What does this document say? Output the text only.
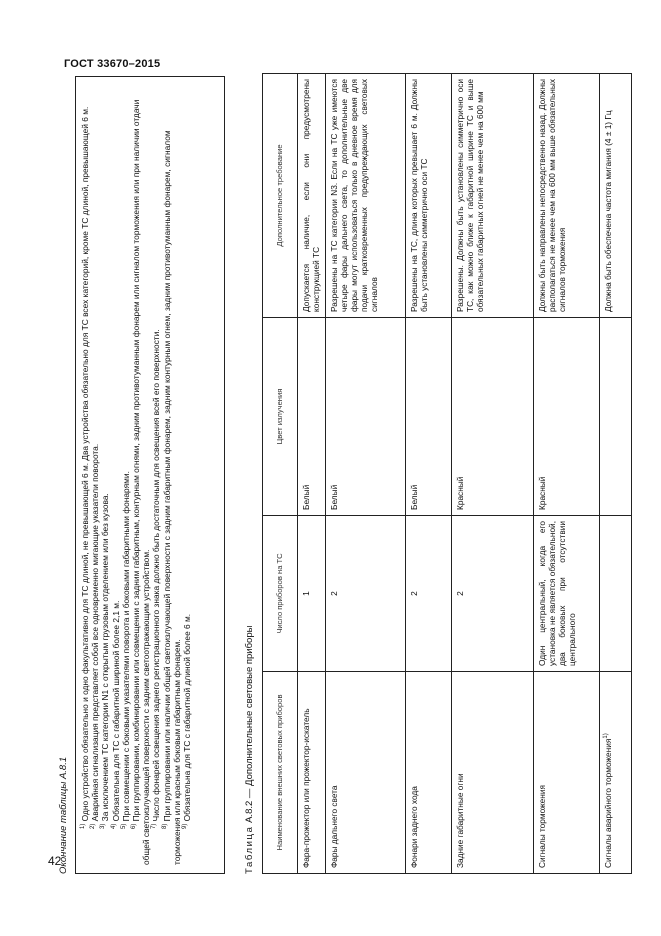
ГОСТ 33670–2015
Окончание таблицы А.8.1 $^{1)}$ Одно устройство обязательно и одно факультативно для ТС длиной, не превышающей 6 м. Два устройства обязательно для ТС всех категорий, кроме ТС длиной, превышающей 6 м.

$^{2)}$ Аварийная сигнализация представляет собой все одновременно мигающие указатели поворота.

$^{3)}$ За исключением ТС категории N1 с открытым грузовым отделением или без кузова.

$^{4)}$ Обязательна для ТС с габаритной шириной более 2,1 м.

$^{5)}$ При совмещении с боковыми указателями поворота и боковыми габаритными фонарями.

$^{6)}$ При группировании, комбинировании или совмещении с задним габаритным, контурным огнями, задним противотуманным фонарем или сигналом торможения или при наличии отдачи общей светоизлучающей поверхности с задним светоотражающим устройством. $^{7)}$ Число фонарей освещения заднего регистрационного знака должно быть достаточным для освещения всей его поверхности.

$^{8)}$ При группировании или наличии общей светоизлучающей поверхности с задним габаритным фонарем, задним контурным огнем, задним противотуманным фонарем, сигналом торможения или красным боковым габаритным фонарем. $^{9)}$ Обязательна для ТС с габаритной длиной более 6 м.

Таблица А.8.2 — Дополнительные световые приборы	Наименование внешних световых приборов	Число приборов на ТС	Цвет излучения	Дополнительное требование
Фара-прожектор или прожектор-искатель	1	Белый	Допускается наличие, если они предусмотрены конструкцией ТС
Фары дальнего света	2	Белый	Разрешены на ТС категории N3. Если на ТС уже имеются четыре фары дальнего света, то дополнительные две фары могут использоваться только в дневное время для подачи кратковременных предупреждающих световых сигналов
Фонари заднего хода	2	Белый	Разрешены на ТС, длина которых превышает 6 м. Должны быть установлены симметрично оси ТС
Задние габаритные огни	2	Красный	Разрешены. Должны быть установлены симметрично оси ТС, как можно ближе к габаритной ширине ТС и выше обязательных габаритных огней не менее чем на 600 мм
Сигналы торможения	Один центральный, когда его установка не является обязательной, два боковых при отсутствии центрального	Красный	Должны быть направлены непосредственно назад. Должны располагаться не менее чем на 600 мм выше обязательных сигналов торможения
Сигналы аварийного торможения$^{1)}$			Должна быть обеспечена частота мигания (4 ± 1) Гц
42
